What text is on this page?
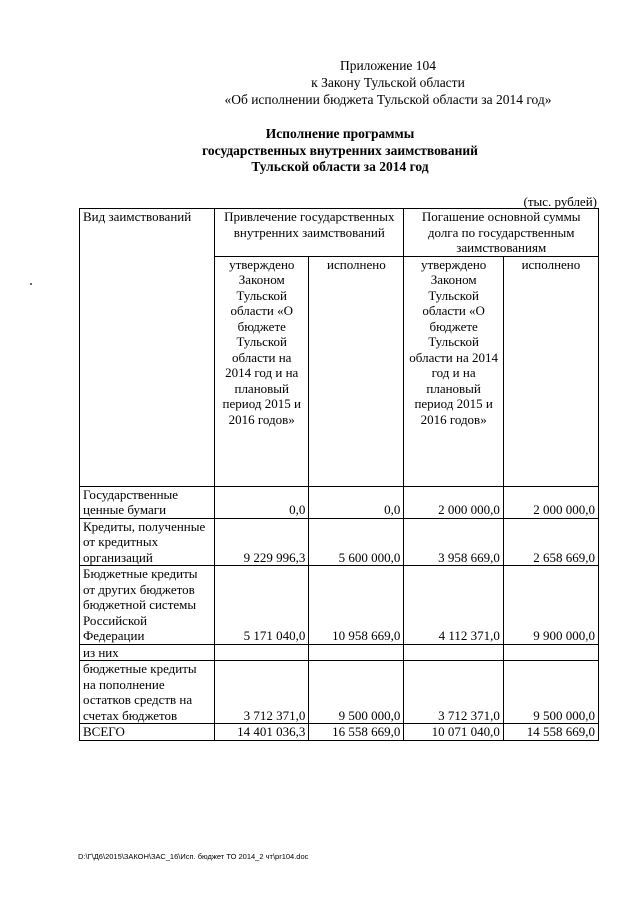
Приложение 104
к Закону Тульской области
«Об исполнении бюджета Тульской области за 2014 год»
Исполнение программы
государственных внутренних заимствований
Тульской области за 2014 год
(тыс. рублей)
Вид заимствований	Привлечение государственных внутренних заимствований		Погашение основной суммы долга по государственным заимствованиям	
	утверждено Законом Тульской области «О бюджете Тульской области на 2014 год и на плановый период 2015 и 2016 годов»	исполнено	утверждено Законом Тульской области «О бюджете Тульской области на 2014 год и на плановый период 2015 и 2016 годов»	исполнено
Государственные ценные бумаги	0,0	0,0	2 000 000,0	2 000 000,0
Кредиты, полученные от кредитных организаций	9 229 996,3	5 600 000,0	3 958 669,0	2 658 669,0
Бюджетные кредиты от других бюджетов бюджетной системы Российской Федерации	5 171 040,0	10 958 669,0	4 112 371,0	9 900 000,0
из них				
бюджетные кредиты на пополнение остатков средств на счетах бюджетов	3 712 371,0	9 500 000,0	3 712 371,0	9 500 000,0
ВСЕГО	14 401 036,3	16 558 669,0	10 071 040,0	14 558 669,0
D:\Г\Д6\2015\ЗАКОН\ЗАС_16\Исп. бюджет ТО 2014_2 чт\pr104.doc
